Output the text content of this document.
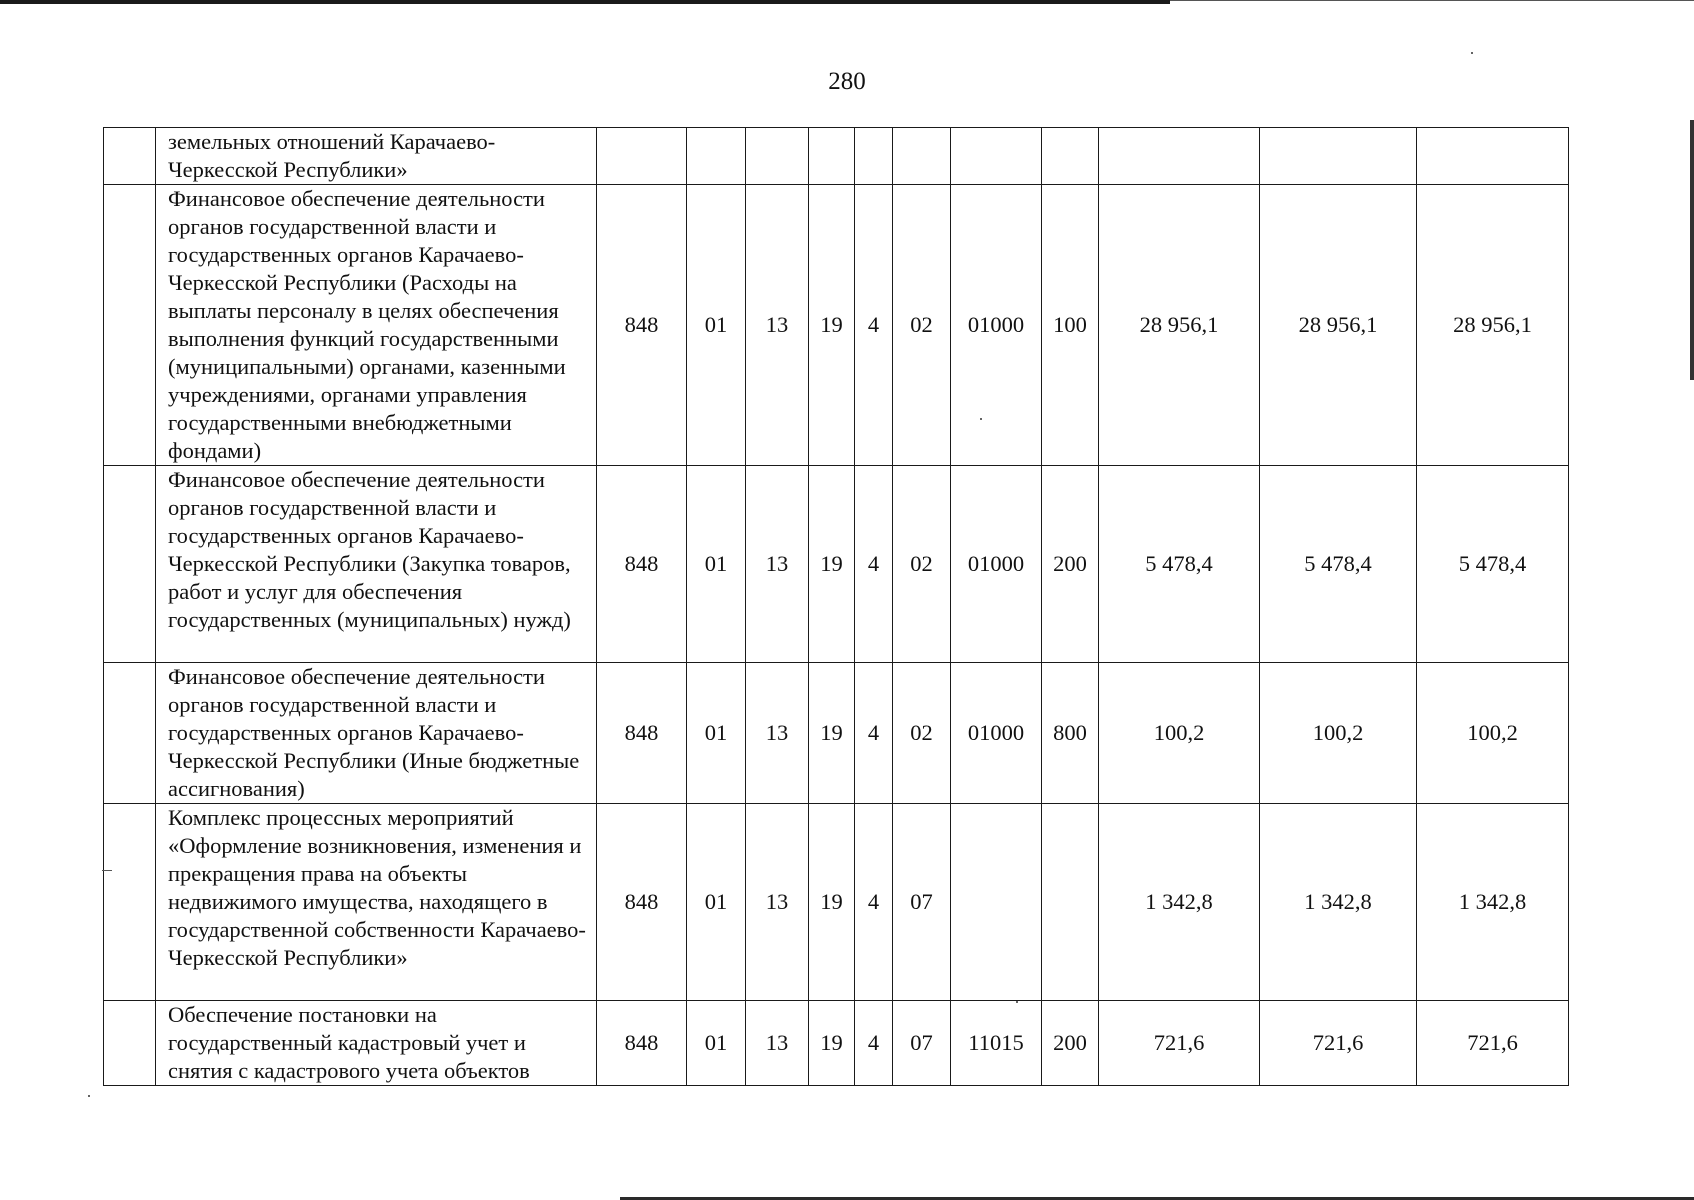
280
	земельных отношений Карачаево-Черкесской Республики»											
	Финансовое обеспечение деятельности органов государственной власти и государственных органов Карачаево-Черкесской Республики (Расходы на выплаты персоналу в целях обеспечения выполнения функций государственными (муниципальными) органами, казенными учреждениями, органами управления государственными внебюджетными фондами)	848	01	13	19	4	02	01000	100	28 956,1	28 956,1	28 956,1
	Финансовое обеспечение деятельности органов государственной власти и государственных органов Карачаево-Черкесской Республики (Закупка товаров, работ и услуг для обеспечения государственных (муниципальных) нужд)	848	01	13	19	4	02	01000	200	5 478,4	5 478,4	5 478,4
	Финансовое обеспечение деятельности органов государственной власти и государственных органов Карачаево-Черкесской Республики (Иные бюджетные ассигнования)	848	01	13	19	4	02	01000	800	100,2	100,2	100,2
	Комплекс процессных мероприятий «Оформление возникновения, изменения и прекращения права на объекты недвижимого имущества, находящего в государственной собственности Карачаево-Черкесской Республики»	848	01	13	19	4	07			1 342,8	1 342,8	1 342,8
	Обеспечение постановки на государственный кадастровый учет и снятия с кадастрового учета объектов	848	01	13	19	4	07	11015	200	721,6	721,6	721,6
